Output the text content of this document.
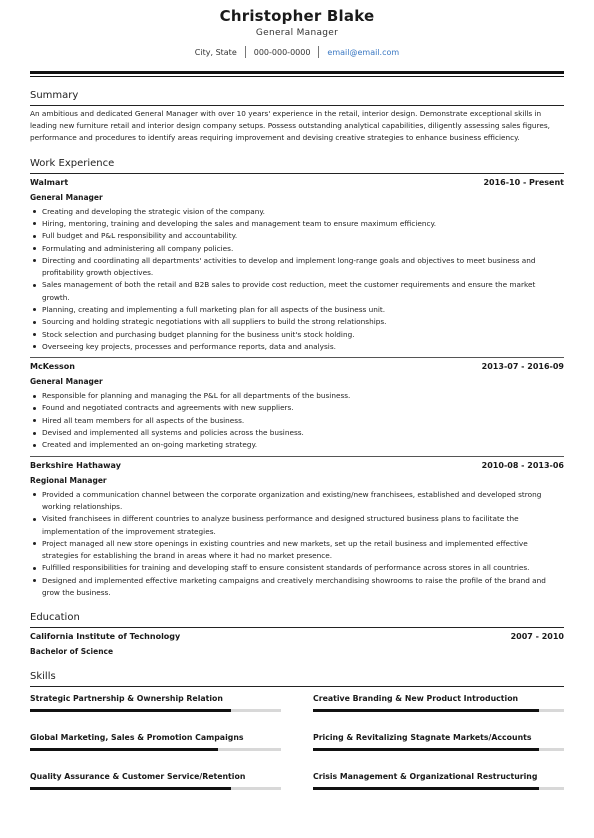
Christopher Blake
General Manager
City, State 000-000-0000 email@email.com
Summary
An ambitious and dedicated General Manager with over 10 years' experience in the retail, interior design. Demonstrate exceptional skills in leading new furniture retail and interior design company setups. Possess outstanding analytical capabilities, diligently assessing sales figures, performance and procedures to identify areas requiring improvement and devising creative strategies to enhance business efficiency.
Work Experience
Walmart	2016-10 - Present
General Manager
Creating and developing the strategic vision of the company.
Hiring, mentoring, training and developing the sales and management team to ensure maximum efficiency.
Full budget and P&L responsibility and accountability.
Formulating and administering all company policies.
Directing and coordinating all departments' activities to develop and implement long-range goals and objectives to meet business and profitability growth objectives.
Sales management of both the retail and B2B sales to provide cost reduction, meet the customer requirements and ensure the market growth.
Planning, creating and implementing a full marketing plan for all aspects of the business unit.
Sourcing and holding strategic negotiations with all suppliers to build the strong relationships.
Stock selection and purchasing budget planning for the business unit's stock holding.
Overseeing key projects, processes and performance reports, data and analysis.
McKesson	2013-07 - 2016-09
General Manager
Responsible for planning and managing the P&L for all departments of the business.
Found and negotiated contracts and agreements with new suppliers.
Hired all team members for all aspects of the business.
Devised and implemented all systems and policies across the business.
Created and implemented an on-going marketing strategy.
Berkshire Hathaway	2010-08 - 2013-06
Regional Manager
Provided a communication channel between the corporate organization and existing/new franchisees, established and developed strong working relationships.
Visited franchisees in different countries to analyze business performance and designed structured business plans to facilitate the implementation of the improvement strategies.
Project managed all new store openings in existing countries and new markets, set up the retail business and implemented effective strategies for establishing the brand in areas where it had no market presence.
Fulfilled responsibilities for training and developing staff to ensure consistent standards of performance across stores in all countries.
Designed and implemented effective marketing campaigns and creatively merchandising showrooms to raise the profile of the brand and grow the business.
Education
California Institute of Technology	2007 - 2010
Bachelor of Science
Skills
Strategic Partnership & Ownership Relation	Creative Branding & New Product Introduction
Global Marketing, Sales & Promotion Campaigns	Pricing & Revitalizing Stagnate Markets/Accounts
Quality Assurance & Customer Service/Retention	Crisis Management & Organizational Restructuring
